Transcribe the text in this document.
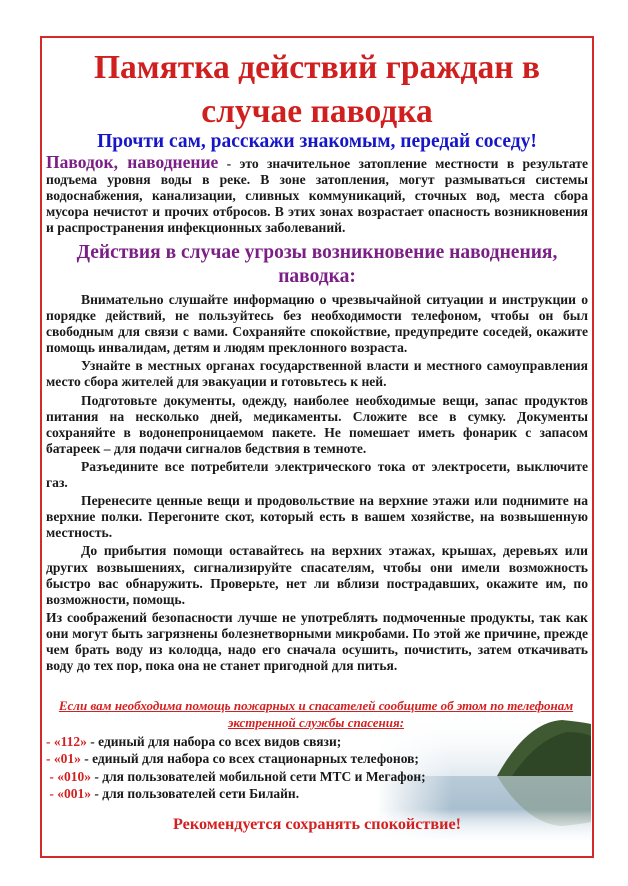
Памятка действий граждан в случае паводка
Прочти сам, расскажи знакомым, передай соседу!

Паводок, наводнение - это значительное затопление местности в результате подъема уровня воды в реке. В зоне затопления, могут размываться системы водоснабжения, канализации, сливных коммуникаций, сточных вод, места сбора мусора нечистот и прочих отбросов. В этих зонах возрастает опасность возникновения и распространения инфекционных заболеваний.

Действия в случае угрозы возникновение наводнения, паводка:

Внимательно слушайте информацию о чрезвычайной ситуации и инструкции о порядке действий, не пользуйтесь без необходимости телефоном, чтобы он был свободным для связи с вами. Сохраняйте спокойствие, предупредите соседей, окажите помощь инвалидам, детям и людям преклонного возраста.

Узнайте в местных органах государственной власти и местного самоуправления место сбора жителей для эвакуации и готовьтесь к ней.

Подготовьте документы, одежду, наиболее необходимые вещи, запас продуктов питания на несколько дней, медикаменты. Сложите все в сумку. Документы сохраняйте в водонепроницаемом пакете. Не помешает иметь фонарик с запасом батареек – для подачи сигналов бедствия в темноте.

Разъедините все потребители электрического тока от электросети, выключите газ.

Перенесите ценные вещи и продовольствие на верхние этажи или поднимите на верхние полки. Перегоните скот, который есть в вашем хозяйстве, на возвышенную местность.

До прибытия помощи оставайтесь на верхних этажах, крышах, деревьях или других возвышениях, сигнализируйте спасателям, чтобы они имели возможность быстро вас обнаружить. Проверьте, нет ли вблизи пострадавших, окажите им, по возможности, помощь.

Из соображений безопасности лучше не употреблять подмоченные продукты, так как они могут быть загрязнены болезнетворными микробами. По этой же причине, прежде чем брать воду из колодца, надо его сначала осушить, почистить, затем откачивать воду до тех пор, пока она не станет пригодной для питья.

Если вам необходима помощь пожарных и спасателей сообщите об этом по телефонам экстренной службы спасения:
- «112» - единый для набора со всех видов связи;
- «01» - единый для набора со всех стационарных телефонов;
- «010» - для пользователей мобильной сети МТС и Мегафон;
- «001» - для пользователей сети Билайн.
Рекомендуется сохранять спокойствие!
